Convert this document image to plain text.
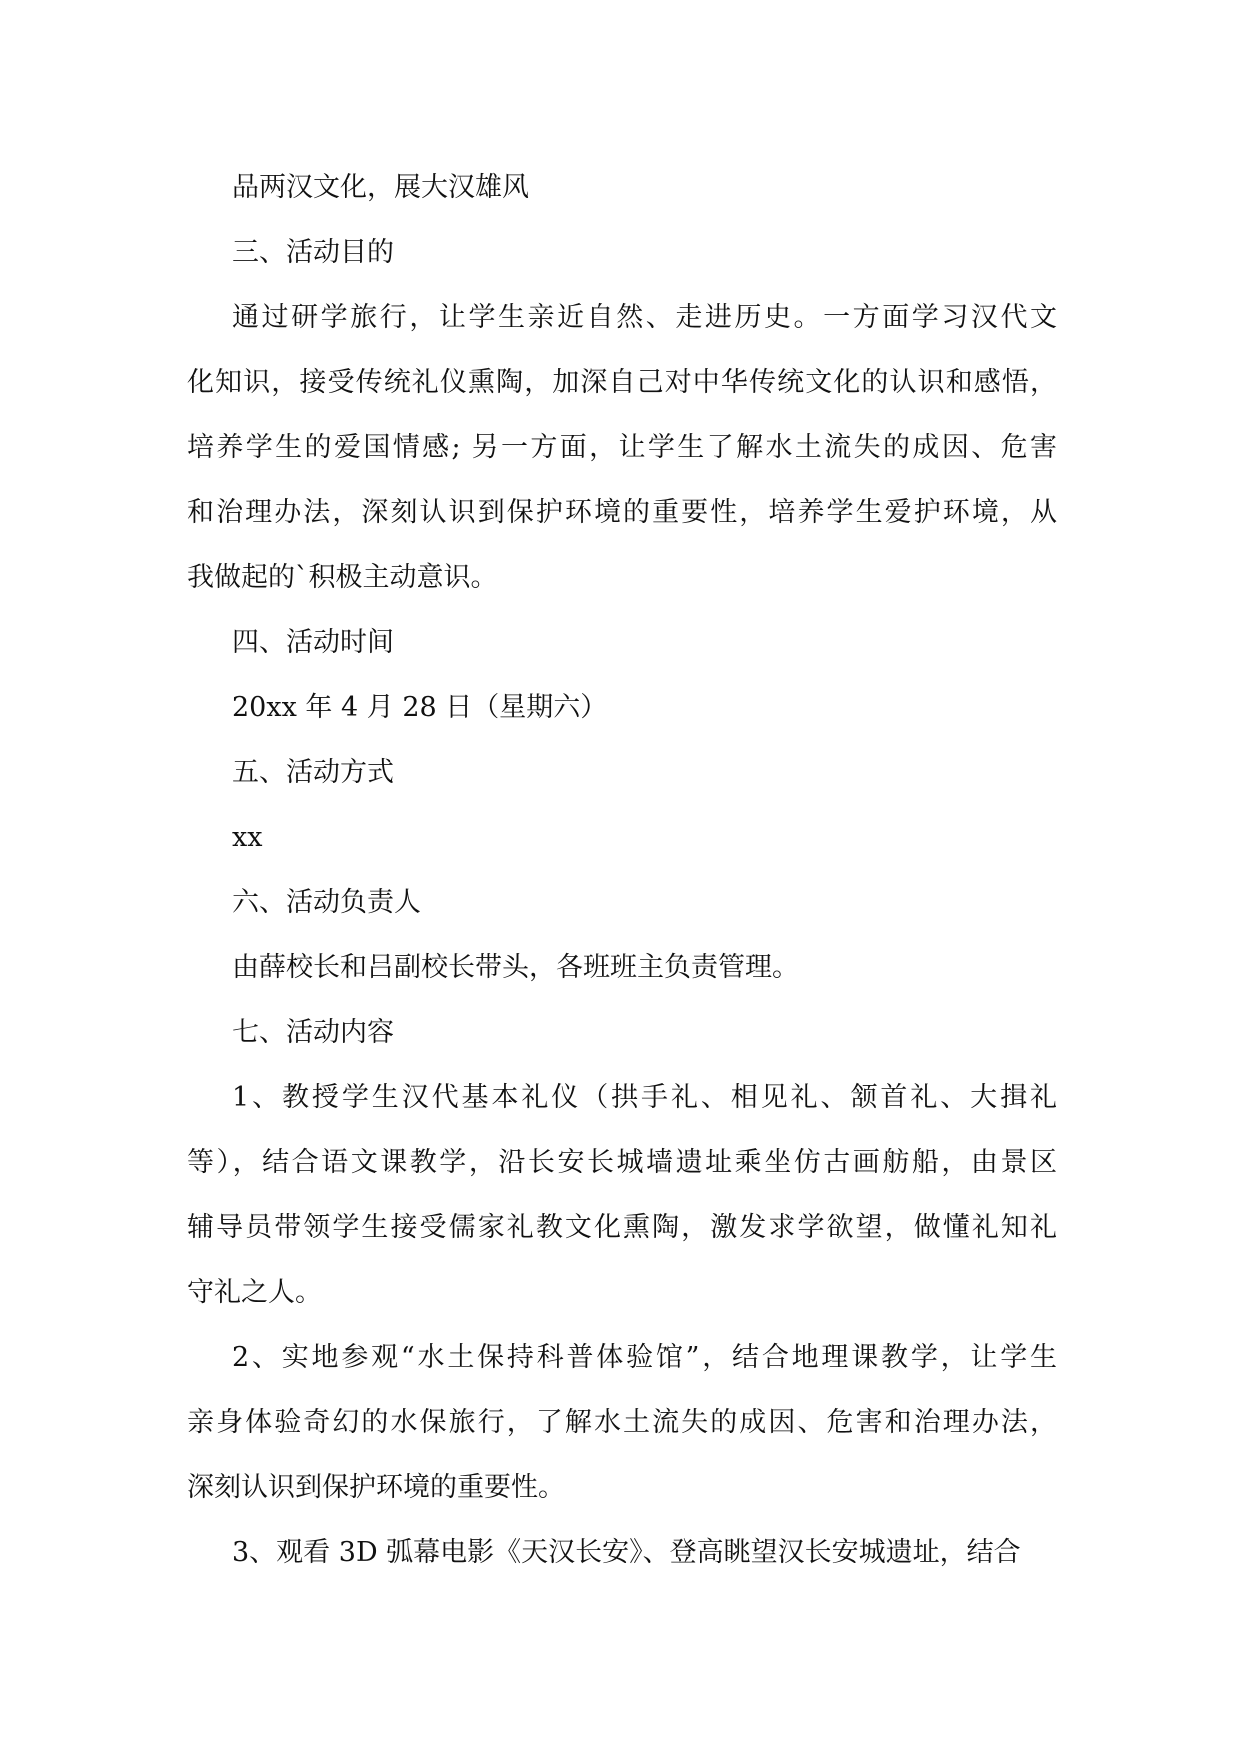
品两汉文化，展大汉雄风

三、活动目的

通过研学旅行，让学生亲近自然、走进历史。一方面学习汉代文
化知识，接受传统礼仪熏陶，加深自己对中华传统文化的认识和感悟，
培养学生的爱国情感; 另一方面，让学生了解水土流失的成因、危害
和治理办法，深刻认识到保护环境的重要性，培养学生爱护环境，从
我做起的`积极主动意识。

四、活动时间

20xx 年 4 月 28 日（星期六）

五、活动方式

xx

六、活动负责人

由薛校长和吕副校长带头，各班班主负责管理。

七、活动内容

1、教授学生汉代基本礼仪（拱手礼、相见礼、颔首礼、大揖礼
等），结合语文课教学，沿长安长城墙遗址乘坐仿古画舫船，由景区
辅导员带领学生接受儒家礼教文化熏陶，激发求学欲望，做懂礼知礼
守礼之人。

2、实地参观“水土保持科普体验馆”，结合地理课教学，让学生
亲身体验奇幻的水保旅行，了解水土流失的成因、危害和治理办法，
深刻认识到保护环境的重要性。

3、观看 3D 弧幕电影《天汉长安》、登高眺望汉长安城遗址，结合
